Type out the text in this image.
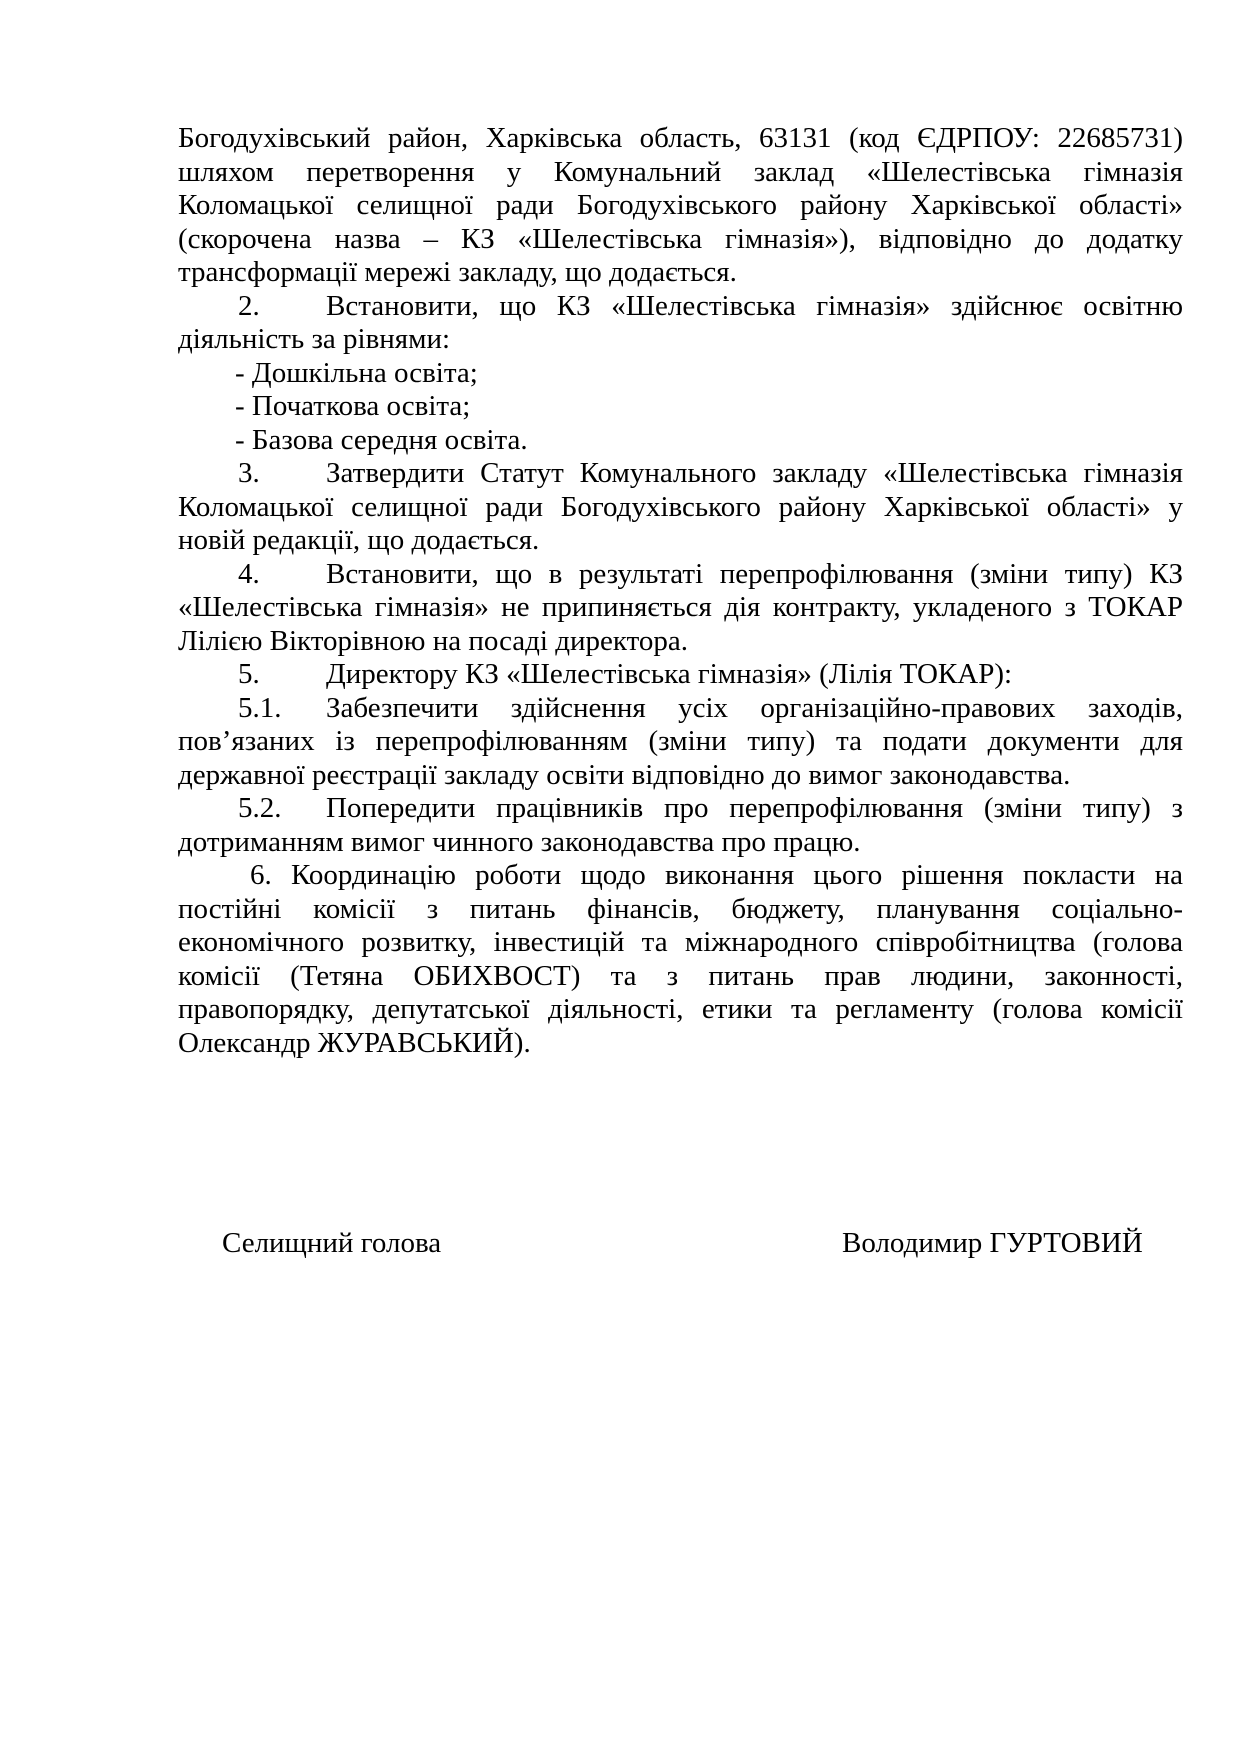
Богодухівський район, Харківська область, 63131 (код ЄДРПОУ: 22685731)
шляхом перетворення у Комунальний заклад «Шелестівська гімназія
Коломацької селищної ради Богодухівського району Харківської області»
(скорочена назва – КЗ «Шелестівська гімназія»), відповідно до додатку
трансформації мережі закладу, що додається.
2.	Встановити, що КЗ «Шелестівська гімназія» здійснює освітню
діяльність за рівнями:
- Дошкільна освіта;
- Початкова освіта;
- Базова середня освіта.
3.	Затвердити Статут Комунального закладу «Шелестівська гімназія
Коломацької селищної ради Богодухівського району Харківської області» у
новій редакції, що додається.
4.	Встановити, що в результаті перепрофілювання (зміни типу) КЗ
«Шелестівська гімназія» не припиняється дія контракту, укладеного з ТОКАР
Лілією Вікторівною на посаді директора.
5. Директору КЗ «Шелестівська гімназія» (Лілія ТОКАР):
5.1.	Забезпечити здійснення усіх організаційно-правових заходів,
пов’язаних із перепрофілюванням (зміни типу) та подати документи для
державної реєстрації закладу освіти відповідно до вимог законодавства.
5.2.	Попередити працівників про перепрофілювання (зміни типу) з
дотриманням вимог чинного законодавства про працю.
6. Координацію роботи щодо виконання цього рішення покласти на
постійні комісії з питань фінансів, бюджету, планування соціально-
економічного розвитку, інвестицій та міжнародного співробітництва (голова
комісії (Тетяна ОБИХВОСТ) та з питань прав людини, законності,
правопорядку, депутатської діяльності, етики та регламенту (голова комісії
Олександр ЖУРАВСЬКИЙ).
Селищний голова	Володимир ГУРТОВИЙ
